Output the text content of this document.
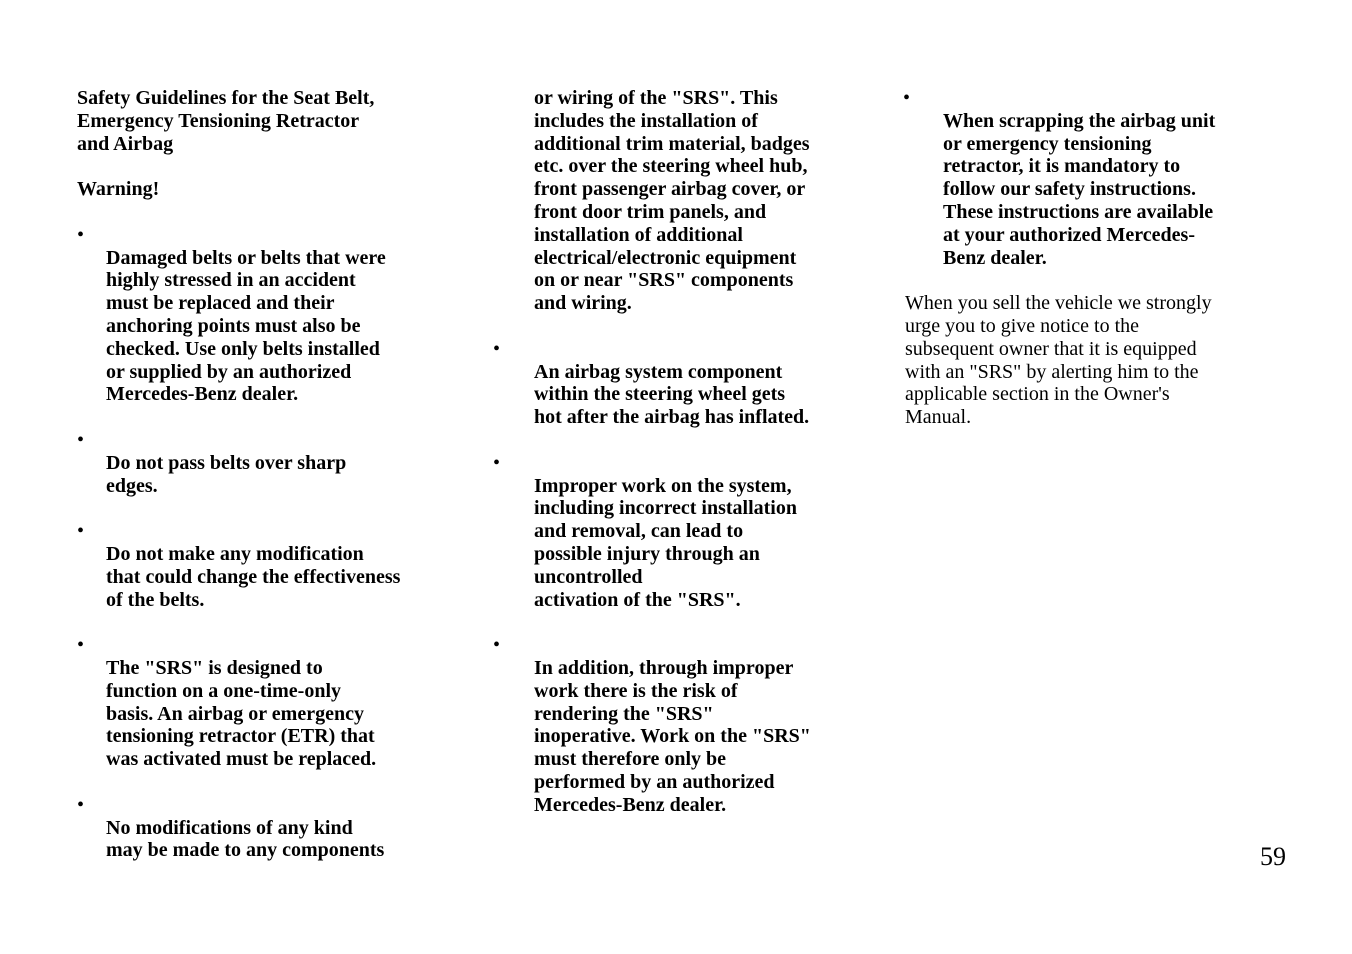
Safety Guidelines for the Seat Belt,
Emergency Tensioning Retractor
and Airbag

Warning!

•
Damaged belts or belts that were
highly stressed in an accident
must be replaced and their
anchoring points must also be
checked. Use only belts installed
or supplied by an authorized
Mercedes-Benz dealer.

•
Do not pass belts over sharp
edges.

•
Do not make any modification
that could change the effectiveness
of the belts.

•
The "SRS" is designed to
function on a one-time-only
basis. An airbag or emergency
tensioning retractor (ETR) that
was activated must be replaced.

•
No modifications of any kind
may be made to any components

or wiring of the "SRS". This
includes the installation of
additional trim material, badges
etc. over the steering wheel hub,
front passenger airbag cover, or
front door trim panels, and
installation of additional
electrical/electronic equipment
on or near "SRS" components
and wiring.

•
An airbag system component
within the steering wheel gets
hot after the airbag has inflated.

•
Improper work on the system,
including incorrect installation
and removal, can lead to
possible injury through an
uncontrolled
activation of the "SRS".

•
In addition, through improper
work there is the risk of
rendering the "SRS"
inoperative. Work on the "SRS"
must therefore only be
performed by an authorized
Mercedes-Benz dealer.

•
When scrapping the airbag unit
or emergency tensioning
retractor, it is mandatory to
follow our safety instructions.
These instructions are available
at your authorized Mercedes-
Benz dealer.

When you sell the vehicle we strongly
urge you to give notice to the
subsequent owner that it is equipped
with an "SRS" by alerting him to the
applicable section in the Owner's
Manual.

59
